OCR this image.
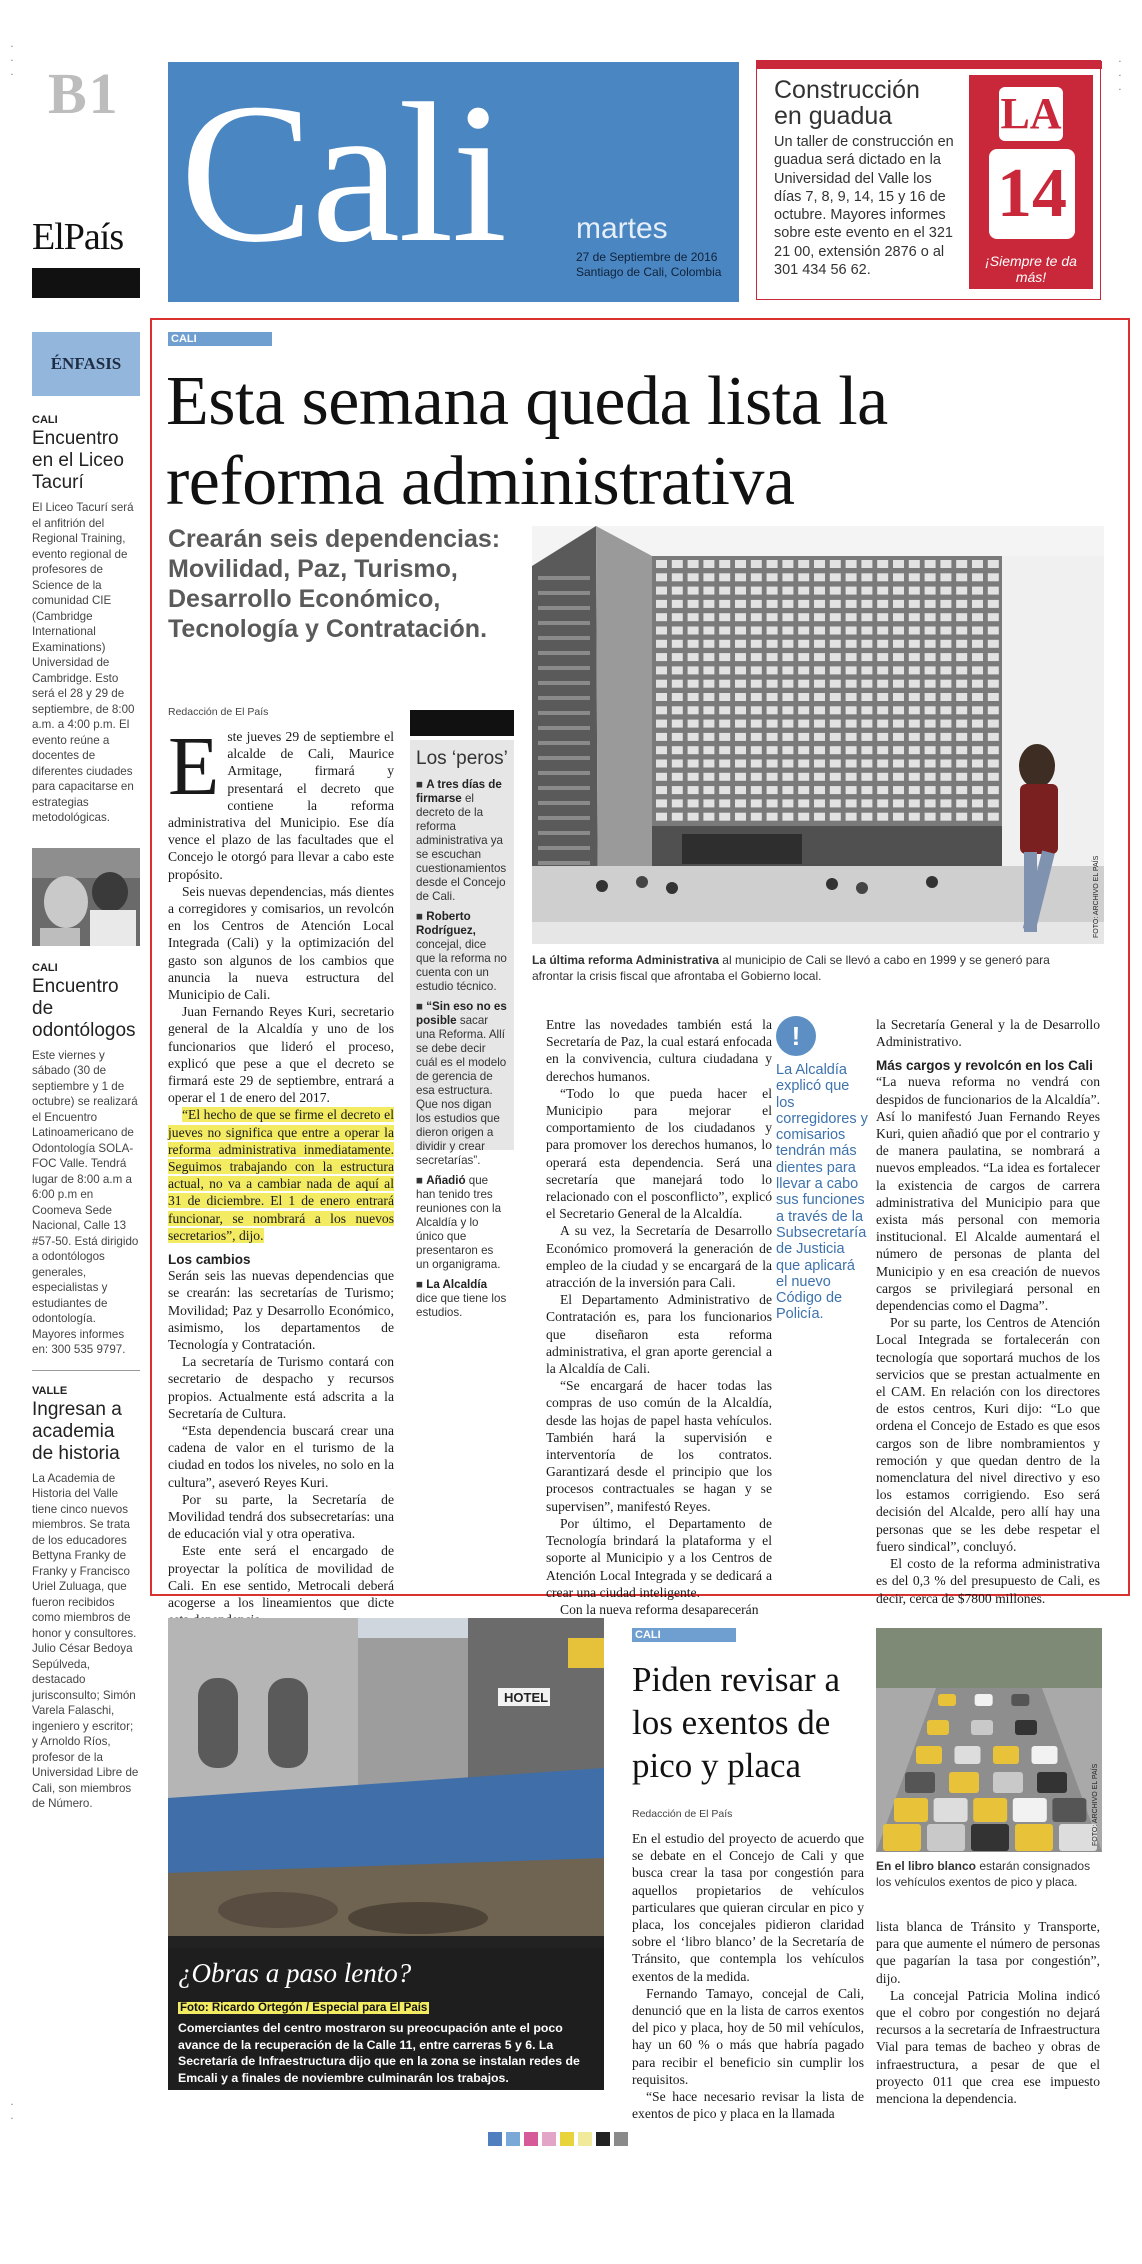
·
·
·
·
·
·
B1
ElPaís Cali martes
27 de Septiembre de 2016
Santiago de Cali, Colombia
Construcción
en guadua
Un taller de construcción en guadua será dictado en la Universidad del Valle los días 7, 8, 9, 14, 15 y 16 de octubre. Mayores informes sobre este evento en el 321 21 00, extensión 2876 o al 301 434 56 62.
LA
14
¡Siempre te da más!
ÉNFASIS
CALI
Encuentro en el Liceo Tacurí

El Liceo Tacurí será el anfitrión del Regional Training, evento regional de profesores de Science de la comunidad CIE (Cambridge International Examinations) Universidad de Cambridge. Esto será el 28 y 29 de septiembre, de 8:00 a.m. a 4:00 p.m. El evento reúne a docentes de diferentes ciudades para capacitarse en estrategias metodológicas.

CALI
Encuentro de odontólogos

Este viernes y sábado (30 de septiembre y 1 de octubre) se realizará el Encuentro Latinoamericano de Odontología SOLA-FOC Valle. Tendrá lugar de 8:00 a.m a 6:00 p.m en Coomeva Sede Nacional, Calle 13 #57-50. Está dirigido a odontólogos generales, especialistas y estudiantes de odontología. Mayores informes en: 300 535 9797.

VALLE
Ingresan a academia de historia

La Academia de Historia del Valle tiene cinco nuevos miembros. Se trata de los educadores Bettyna Franky de Franky y Francisco Uriel Zuluaga, que fueron recibidos como miembros de honor y consultores. Julio César Bedoya Sepúlveda, destacado jurisconsulto; Simón Varela Falaschi, ingeniero y escritor; y Arnoldo Ríos, profesor de la Universidad Libre de Cali, son miembros de Número.

CALI
Esta semana queda lista la reforma administrativa
Crearán seis dependencias: Movilidad, Paz, Turismo, Desarrollo Económico, Tecnología y Contratación.
Redacción de El País
E ste jueves 29 de septiembre el alcalde de Cali, Maurice Armitage, firmará y presentará el decreto que contiene la reforma administrativa del Municipio. Ese día vence el plazo de las facultades que el Concejo le otorgó para llevar a cabo este propósito.

Seis nuevas dependencias, más dientes a corregidores y comisarios, un revolcón en los Centros de Atención Local Integrada (Cali) y la optimización del gasto son algunos de los cambios que anuncia la nueva estructura del Municipio de Cali.

Juan Fernando Reyes Kuri, secretario general de la Alcaldía y uno de los funcionarios que lideró el proceso, explicó que pese a que el decreto se firmará este 29 de septiembre, entrará a operar el 1 de enero del 2017.

“El hecho de que se firme el decreto el jueves no significa que entre a operar la reforma administrativa inmediatamente. Seguimos trabajando con la estructura actual, no va a cambiar nada de aquí al 31 de diciembre. El 1 de enero entrará funcionar, se nombrará a los nuevos secretarios”, dijo.

Los cambios

Serán seis las nuevas dependencias que se crearán: las secretarías de Turismo; Movilidad; Paz y Desarrollo Económico, asimismo, los departamentos de Tecnología y Contratación.

La secretaría de Turismo contará con secretario de despacho y recursos propios. Actualmente está adscrita a la Secretaría de Cultura.

“Esta dependencia buscará crear una cadena de valor en el turismo de la ciudad en todos los niveles, no solo en la cultura”, aseveró Reyes Kuri.

Por su parte, la Secretaría de Movilidad tendrá dos subsecretarías: una de educación vial y otra operativa.

Este ente será el encargado de proyectar la política de movilidad de Cali. En ese sentido, Metrocali deberá acogerse a los lineamientos que dicte

Los ‘peros’

■ A tres días de firmarse el decreto de la reforma administrativa ya se escuchan cuestionamientos desde el Concejo de Cali.

■ Roberto Rodríguez, concejal, dice que la reforma no cuenta con un estudio técnico.

■ “Sin eso no es posible sacar una Reforma. Allí se debe decir cuál es el modelo de gerencia de esa estructura. Que nos digan los estudios que dieron origen a dividir y crear secretarías”.

■ Añadió que han tenido tres reuniones con la Alcaldía y lo único que presentaron es un organigrama.

■ La Alcaldía dice que tiene los estudios.

FOTO: ARCHIVO EL PAÍS
La última reforma Administrativa al municipio de Cali se llevó a cabo en 1999 y se generó para afrontar la crisis fiscal que afrontaba el Gobierno local.

Entre las novedades también está la Secretaría de Paz, la cual estará enfocada en la convivencia, cultura ciudadana y derechos humanos.

“Todo lo que pueda hacer el Municipio para mejorar el comportamiento de los ciudadanos y para promover los derechos humanos, lo operará esta dependencia. Será una secretaría que manejará todo lo relacionado con el posconflicto”, explicó el Secretario General de la Alcaldía.

A su vez, la Secretaría de Desarrollo Económico promoverá la generación de empleo de la ciudad y se encargará de la atracción de la inversión para Cali.

El Departamento Administrativo de Contratación es, para los funcionarios que diseñaron esta reforma administrativa, el gran aporte gerencial a la Alcaldía de Cali.

“Se encargará de hacer todas las compras de uso común de la Alcaldía, desde las hojas de papel hasta vehículos. También hará la supervisión e interventoría de los contratos. Garantizará desde el principio que los procesos contractuales se hagan y se supervisen”, manifestó Reyes.

Por último, el Departamento de Tecnología brindará la plataforma y el soporte al Municipio y a los Centros de Atención Local Integrada y se dedicará a crear una ciudad inteligente.

Con la nueva reforma desaparecerán

!
La Alcaldía explicó que los corregidores y comisarios tendrán más dientes para llevar a cabo sus funciones a través de la Subsecretaría de Justicia que aplicará el nuevo Código de Policía.

la Secretaría General y la de Desarrollo Administrativo.

Más cargos y revolcón en los Cali

“La nueva reforma no vendrá con despidos de funcionarios de la Alcaldía”. Así lo manifestó Juan Fernando Reyes Kuri, quien añadió que por el contrario y de manera paulatina, se nombrará a nuevos empleados. “La idea es fortalecer la existencia de cargos de carrera administrativa del Municipio para que exista más personal con memoria institucional. El Alcalde aumentará el número de personas de planta del Municipio y en esa creación de nuevos cargos se privilegiará personal en dependencias como el Dagma”.

Por su parte, los Centros de Atención Local Integrada se fortalecerán con tecnología que soportará muchos de los servicios que se prestan actualmente en el CAM. En relación con los directores de estos centros, Kuri dijo: “Lo que ordena el Concejo de Estado es que esos cargos son de libre nombramientos y remoción y que quedan dentro de la nomenclatura del nivel directivo y eso los estamos corrigiendo. Eso será decisión del Alcalde, pero allí hay una personas que se les debe respetar el fuero sindical”, concluyó.

El costo de la reforma administrativa es del 0,3 % del presupuesto de Cali, es decir, cerca de $7800 millones.

HOTEL
¿Obras a paso lento?
Foto: Ricardo Ortegón / Especial para El País
Comerciantes del centro mostraron su preocupación ante el poco avance de la recuperación de la Calle 11, entre carreras 5 y 6. La Secretaría de Infraestructura dijo que en la zona se instalan redes de Emcali y a finales de noviembre culminarán los trabajos.
CALI
Piden revisar a los exentos de pico y placa
Redacción de El País

En el estudio del proyecto de acuerdo que se debate en el Concejo de Cali y que busca crear la tasa por congestión para aquellos propietarios de vehículos particulares que quieran circular en pico y placa, los concejales pidieron claridad sobre el ‘libro blanco’ de la Secretaría de Tránsito, que contempla los vehículos exentos de la medida.

Fernando Tamayo, concejal de Cali, denunció que en la lista de carros exentos del pico y placa, hoy de 50 mil vehículos, hay un 60 % o más que habría pagado para recibir el beneficio sin cumplir los requisitos.

“Se hace necesario revisar la lista de exentos de pico y placa en la llamada

FOTO: ARCHIVO EL PAÍS
En el libro blanco estarán consignados los vehículos exentos de pico y placa.

lista blanca de Tránsito y Transporte, para que aumente el número de personas que pagarían la tasa por congestión”, dijo.

La concejal Patricia Molina indicó que el cobro por congestión no dejará recursos a la secretaría de Infraestructura Vial para temas de bacheo y obras de infraestructura, a pesar de que el proyecto 011 que crea ese impuesto menciona la dependencia.

·
·
